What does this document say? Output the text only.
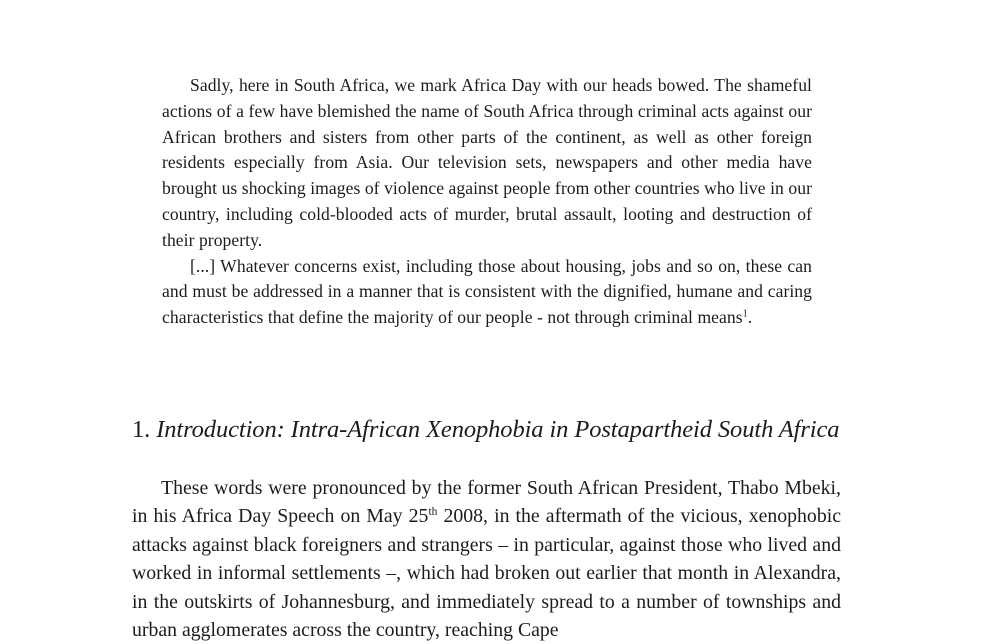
Sadly, here in South Africa, we mark Africa Day with our heads bowed. The shameful actions of a few have blemished the name of South Africa through criminal acts against our African brothers and sisters from other parts of the continent, as well as other foreign residents especially from Asia. Our television sets, newspapers and other media have brought us shocking images of violence against people from other countries who live in our country, including cold-blooded acts of murder, brutal assault, looting and destruction of their property.

[...] Whatever concerns exist, including those about housing, jobs and so on, these can and must be addressed in a manner that is consistent with the dignified, humane and caring characteristics that define the majority of our people - not through criminal means$^1$.

1. Introduction: Intra-African Xenophobia in Postapartheid South Africa

These words were pronounced by the former South African President, Thabo Mbeki, in his Africa Day Speech on May 25th 2008, in the aftermath of the vicious, xenophobic attacks against black foreigners and strangers – in particular, against those who lived and worked in informal settlements –, which had broken out earlier that month in Alexandra, in the outskirts of Johannesburg, and immediately spread to a number of townships and urban agglomerates across the country, reaching Cape
